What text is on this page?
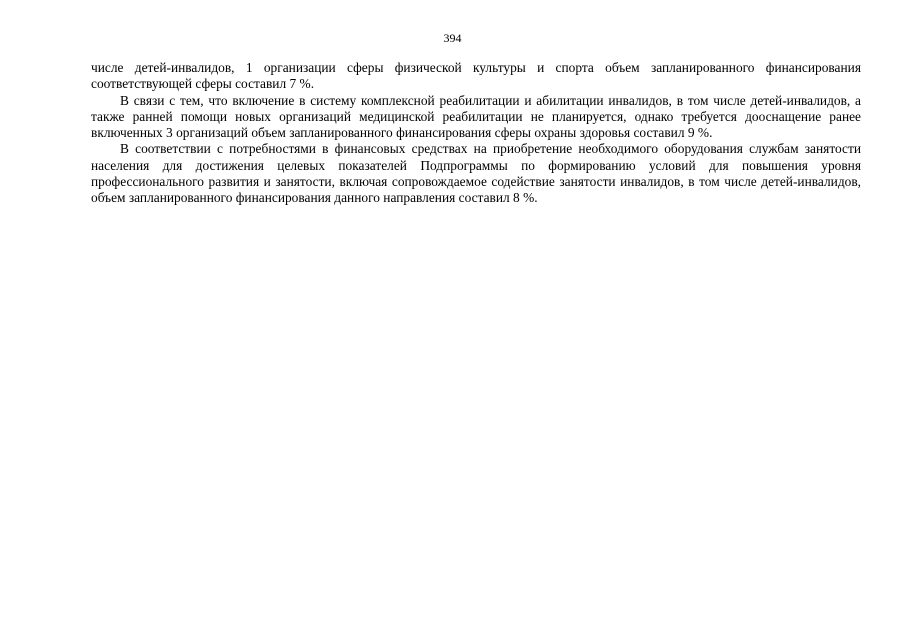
394

числе детей-инвалидов, 1 организации сферы физической культуры и спорта объем запланированного финансирования соответствующей сферы составил 7 %.

В связи с тем, что включение в систему комплексной реабилитации и абилитации инвалидов, в том числе детей-инвалидов, а также ранней помощи новых организаций медицинской реабилитации не планируется, однако требуется дооснащение ранее включенных 3 организаций объем запланированного финансирования сферы охраны здоровья составил 9 %.

В соответствии с потребностями в финансовых средствах на приобретение необходимого оборудования службам занятости населения для достижения целевых показателей Подпрограммы по формированию условий для повышения уровня профессионального развития и занятости, включая сопровождаемое содействие занятости инвалидов, в том числе детей-инвалидов, объем запланированного финансирования данного направления составил 8 %.
